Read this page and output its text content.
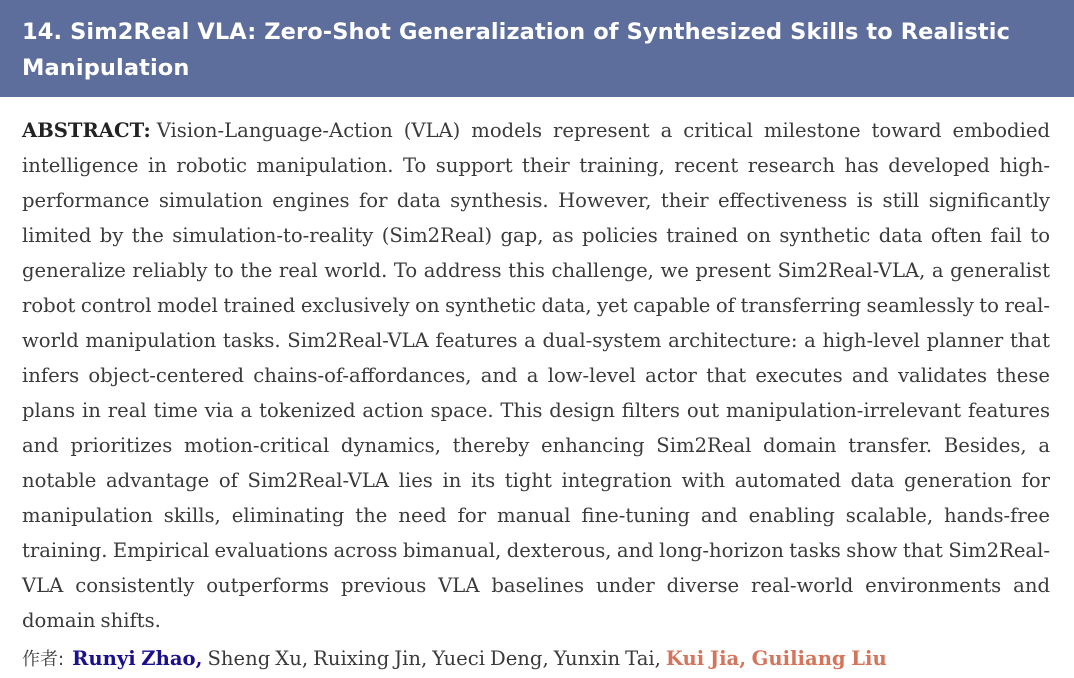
14. Sim2Real VLA: Zero-Shot Generalization of Synthesized Skills to Realistic Manipulation

ABSTRACT: Vision-Language-Action (VLA) models represent a critical milestone toward embodied intelligence in robotic manipulation. To support their training, recent research has developed high-performance simulation engines for data synthesis. However, their effectiveness is still significantly limited by the simulation-to-reality (Sim2Real) gap, as policies trained on synthetic data often fail to generalize reliably to the real world. To address this challenge, we present Sim2Real-VLA, a generalist robot control model trained exclusively on synthetic data, yet capable of transferring seamlessly to real-world manipulation tasks. Sim2Real-VLA features a dual-system architecture: a high-level planner that infers object-centered chains-of-affordances, and a low-level actor that executes and validates these plans in real time via a tokenized action space. This design filters out manipulation-irrelevant features and prioritizes motion-critical dynamics, thereby enhancing Sim2Real domain transfer. Besides, a notable advantage of Sim2Real-VLA lies in its tight integration with automated data generation for manipulation skills, eliminating the need for manual fine-tuning and enabling scalable, hands-free training. Empirical evaluations across bimanual, dexterous, and long-horizon tasks show that Sim2Real-VLA consistently outperforms previous VLA baselines under diverse real-world environments and domain shifts.

作者: Runyi Zhao, Sheng Xu, Ruixing Jin, Yueci Deng, Yunxin Tai, Kui Jia, Guiliang Liu
